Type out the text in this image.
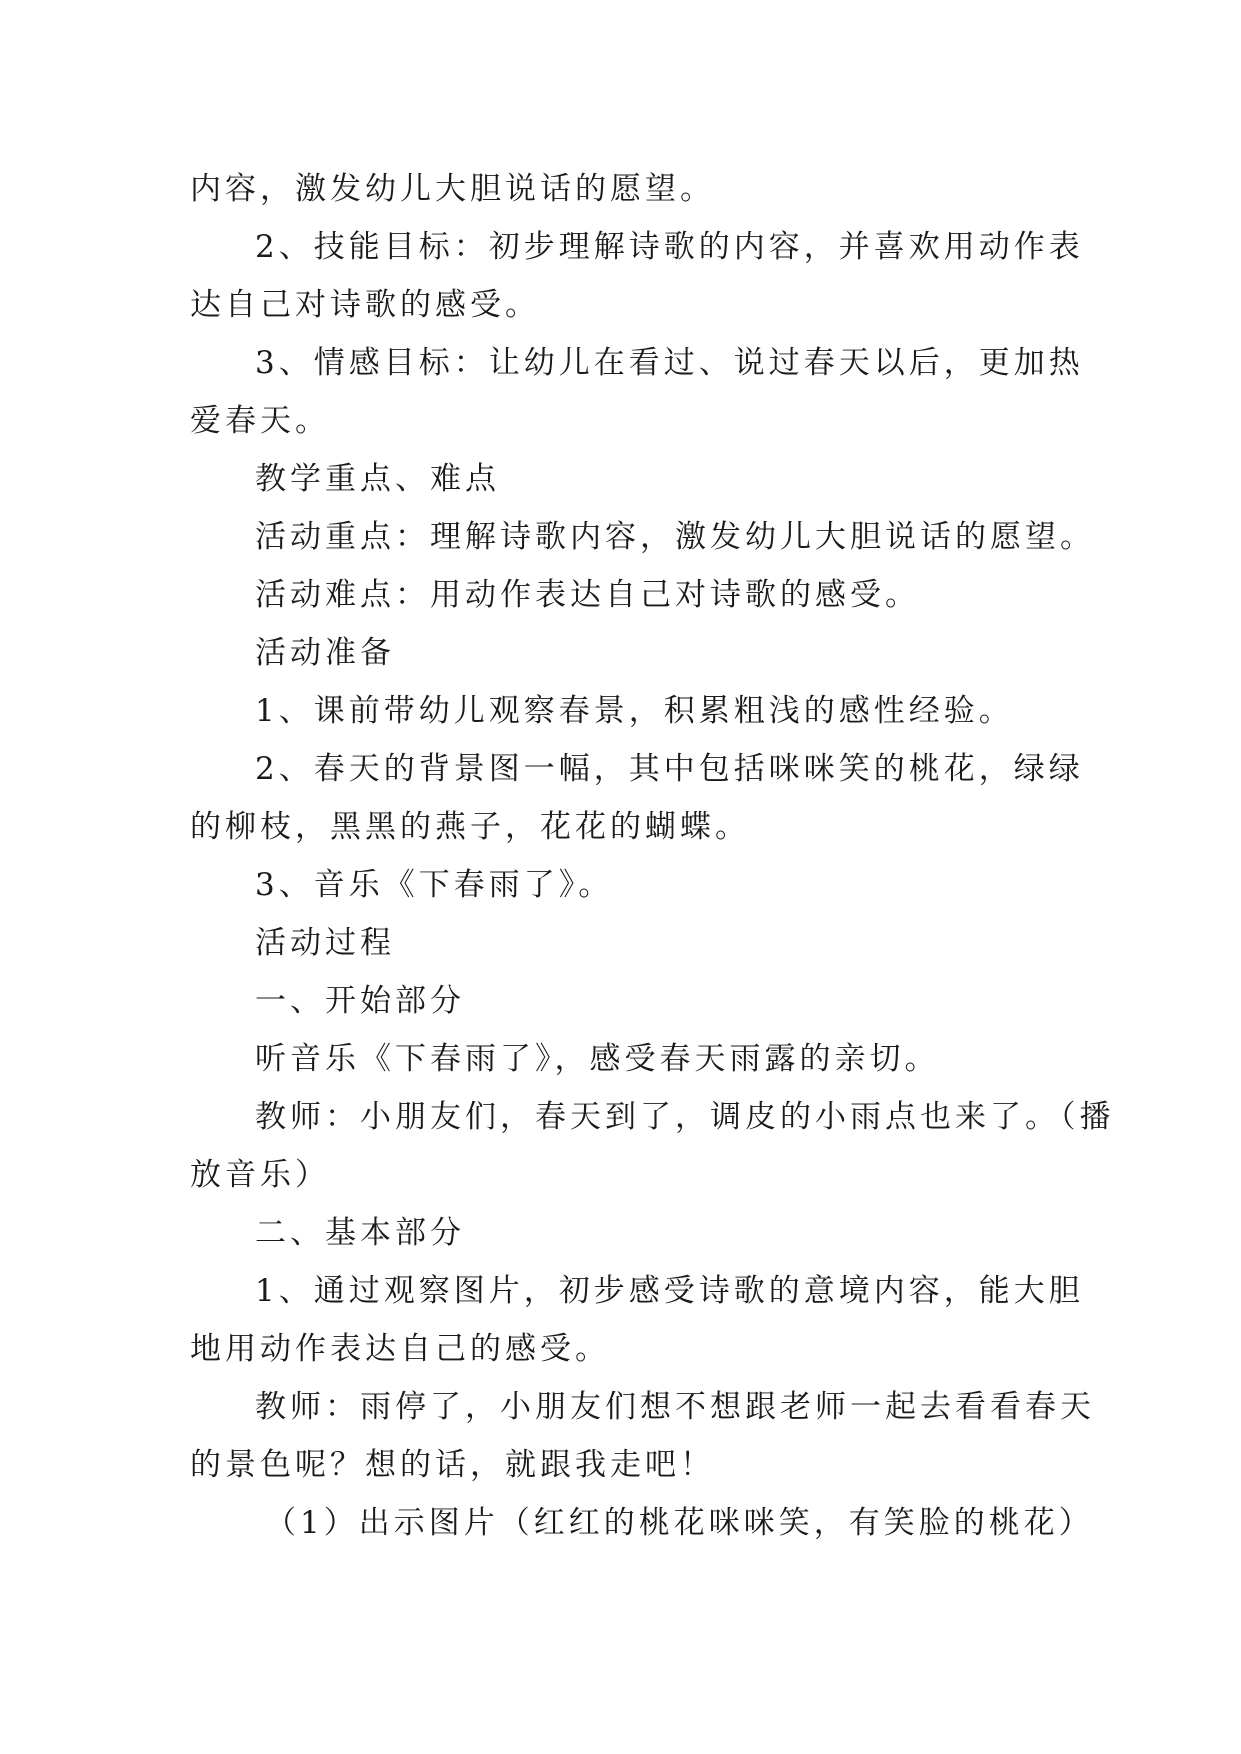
内容，激发幼儿大胆说话的愿望。
2、技能目标：初步理解诗歌的内容，并喜欢用动作表
达自己对诗歌的感受。
3、情感目标：让幼儿在看过、说过春天以后，更加热
爱春天。
教学重点、难点
活动重点：理解诗歌内容，激发幼儿大胆说话的愿望。
活动难点：用动作表达自己对诗歌的感受。
活动准备
1、课前带幼儿观察春景，积累粗浅的感性经验。
2、春天的背景图一幅，其中包括咪咪笑的桃花，绿绿
的柳枝，黑黑的燕子，花花的蝴蝶。
3、音乐《下春雨了》。
活动过程
一、开始部分
听音乐《下春雨了》，感受春天雨露的亲切。
教师：小朋友们，春天到了，调皮的小雨点也来了。（播
放音乐）
二、基本部分
1、通过观察图片，初步感受诗歌的意境内容，能大胆
地用动作表达自己的感受。
教师：雨停了，小朋友们想不想跟老师一起去看看春天
的景色呢？想的话，就跟我走吧！
（1）出示图片（红红的桃花咪咪笑，有笑脸的桃花）
